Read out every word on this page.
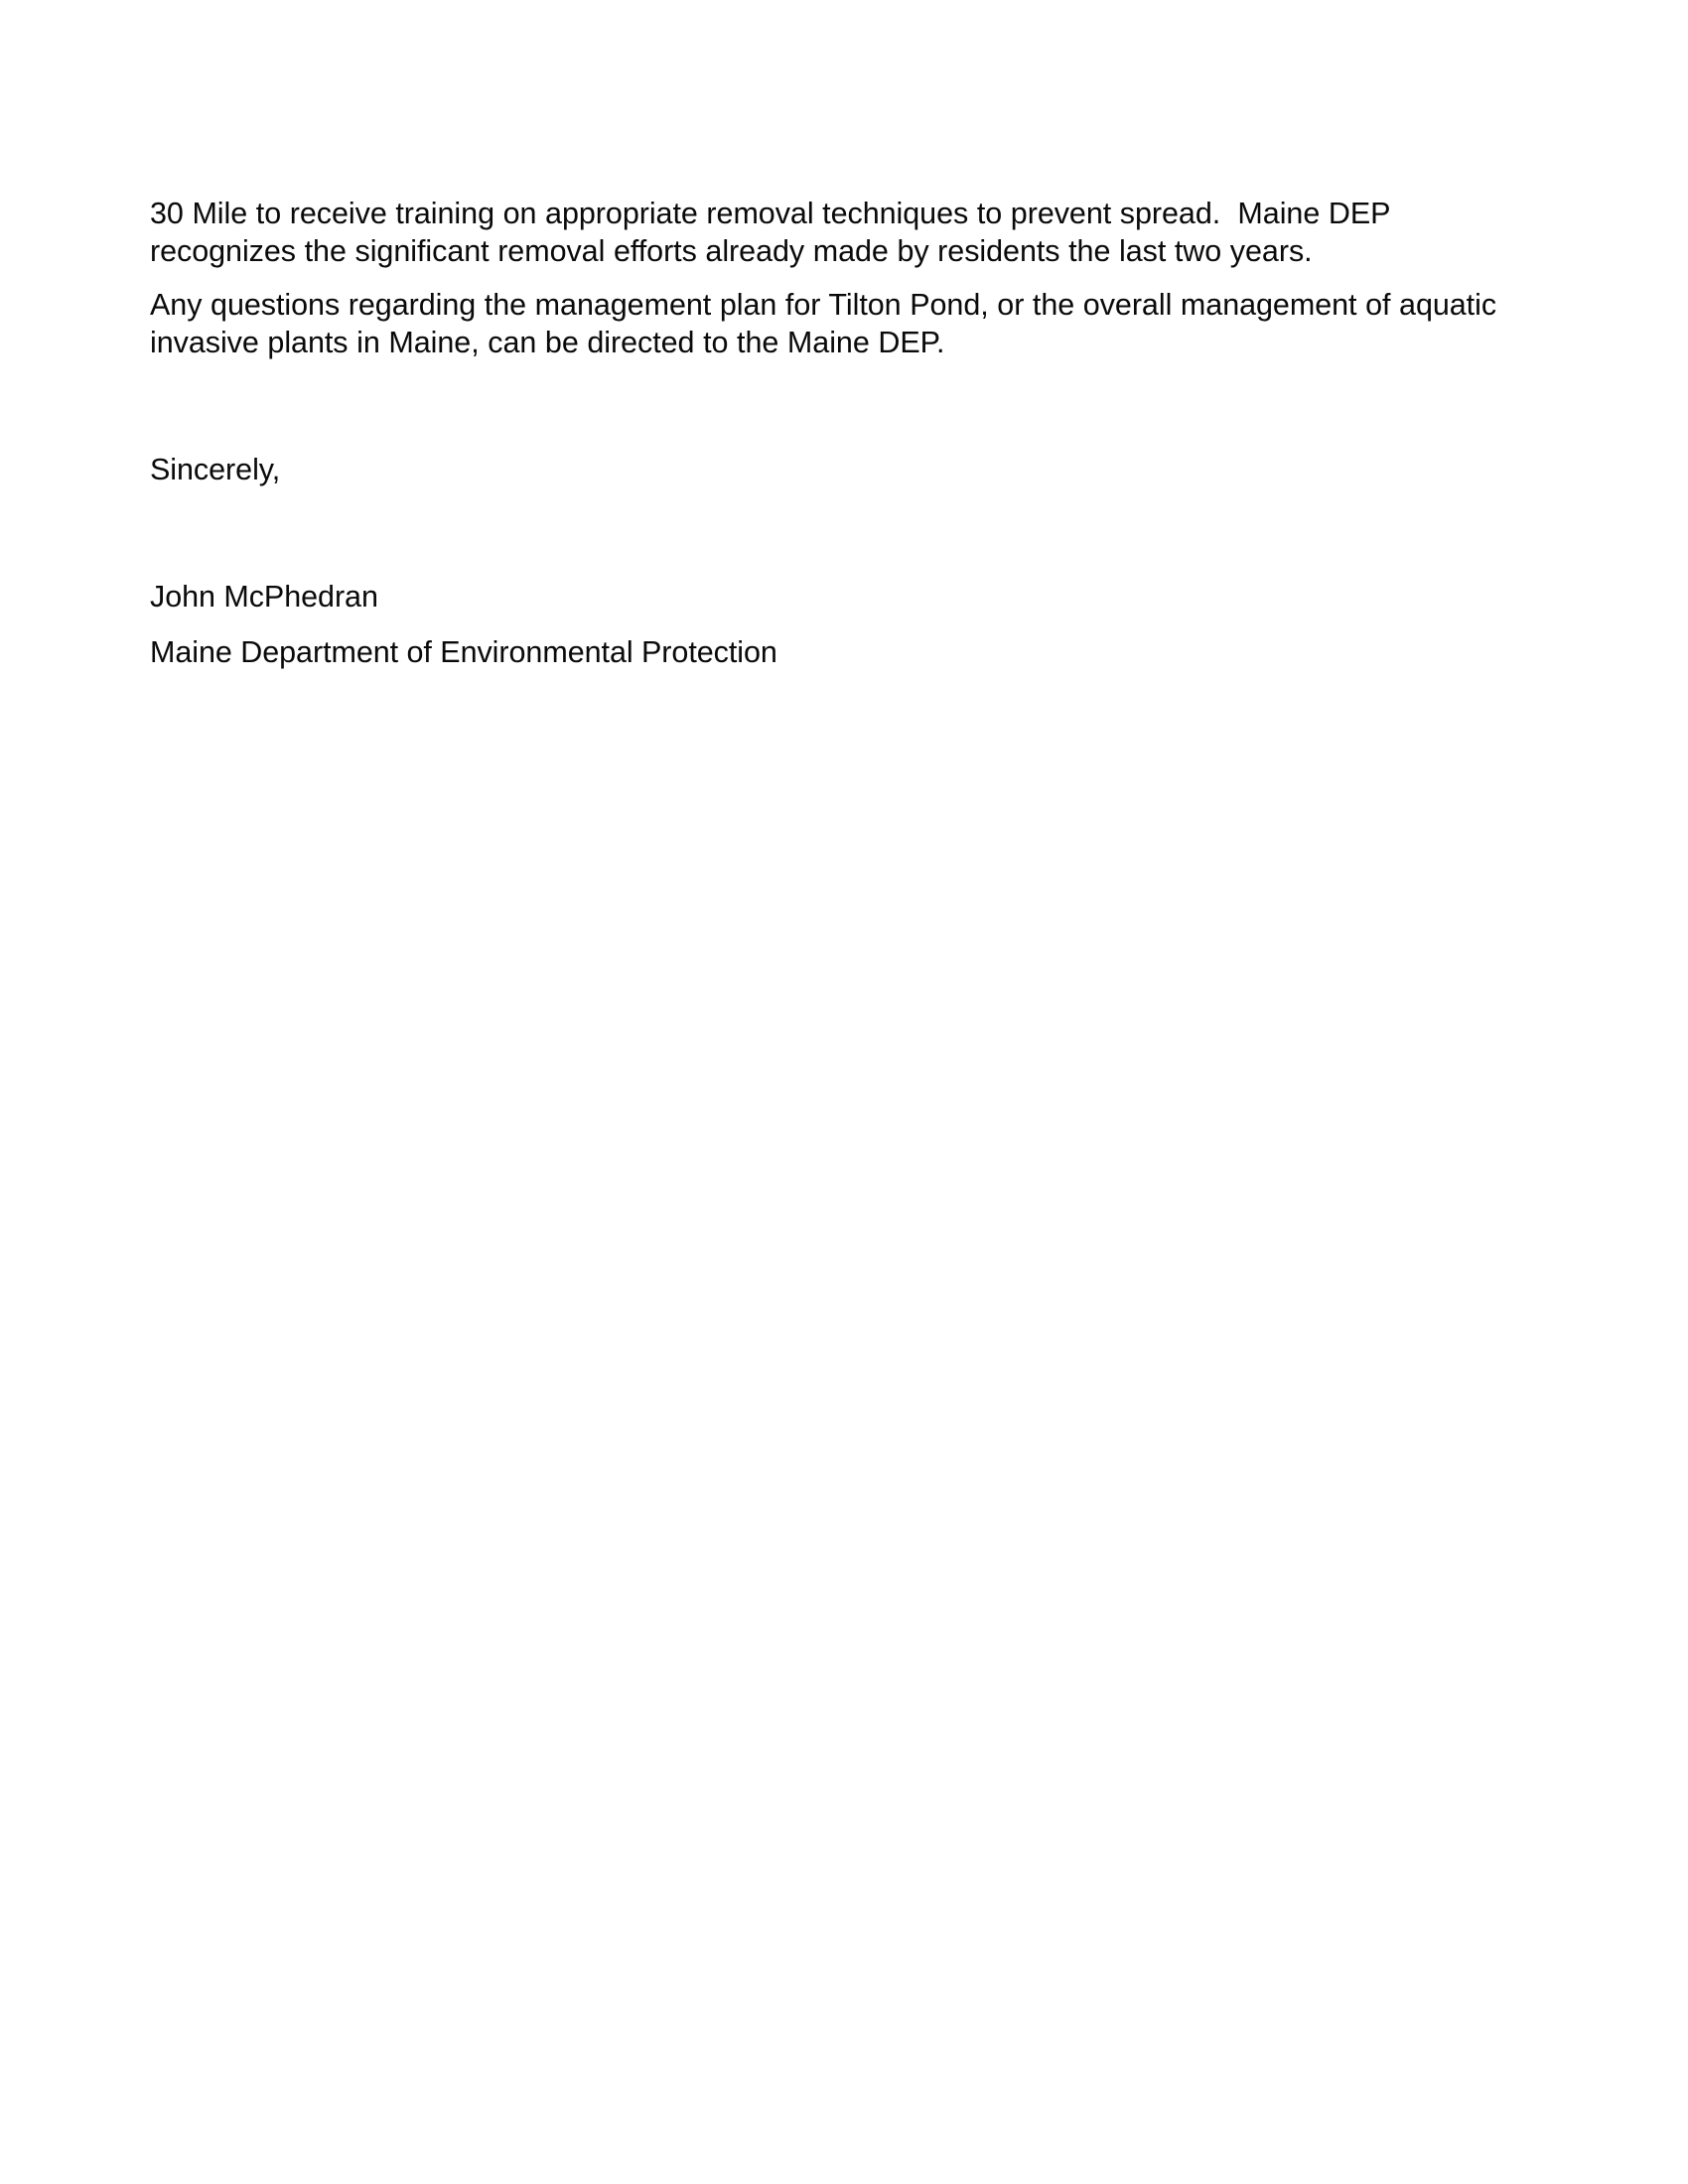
30 Mile to receive training on appropriate removal techniques to prevent spread.  Maine DEP recognizes the significant removal efforts already made by residents the last two years.

Any questions regarding the management plan for Tilton Pond, or the overall management of aquatic invasive plants in Maine, can be directed to the Maine DEP.

Sincerely,

John McPhedran

Maine Department of Environmental Protection
